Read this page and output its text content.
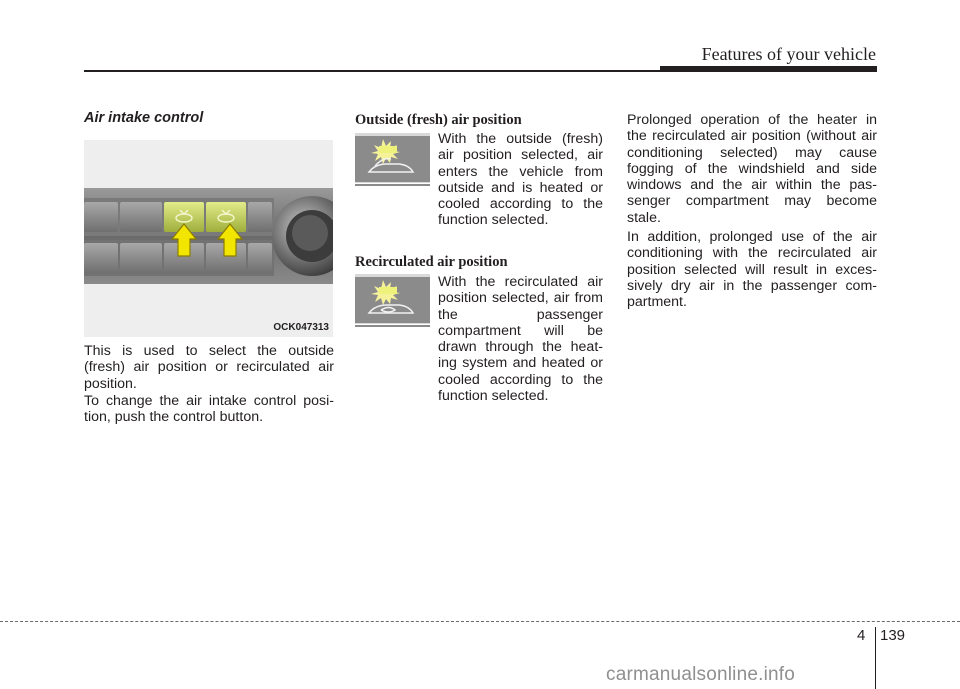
Features of your vehicle
Air intake control
OCK047313
This is used to select the outside (fresh) air position or recirculated air position.
To change the air intake control posi- tion, push the control button.
Outside (fresh) air position
With the outside (fresh) air position selected, air enters the vehicle from outside and is heated or cooled according to the function selected.
Recirculated air position
With the recirculated air position selected, air from the passenger compartment will be drawn through the heat- ing system and heated or cooled according to the function selected.
Prolonged operation of the heater in the recirculated air position (without air conditioning selected) may cause fogging of the windshield and side windows and the air within the pas- senger compartment may become stale.
In addition, prolonged use of the air conditioning with the recirculated air position selected will result in exces- sively dry air in the passenger com- partment.
4 139
carmanualsonline.info
